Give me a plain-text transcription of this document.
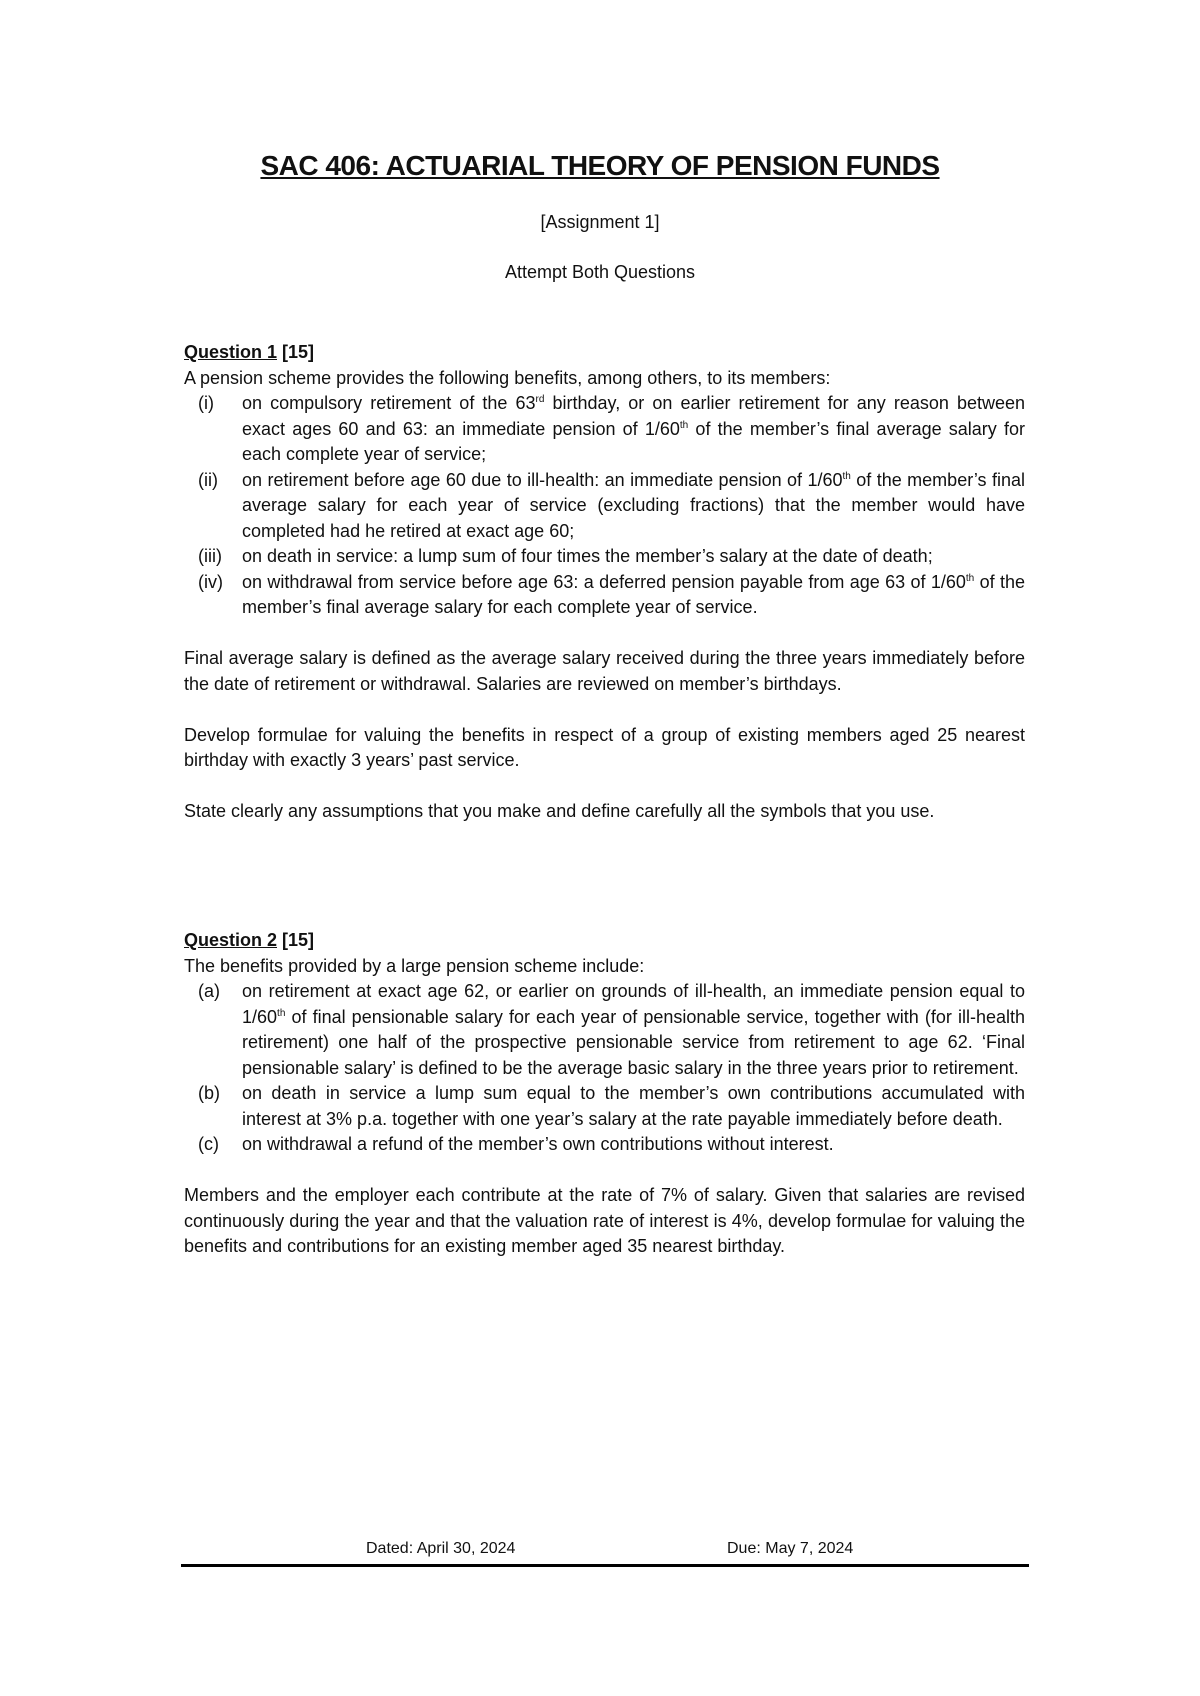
SAC 406: ACTUARIAL THEORY OF PENSION FUNDS
[Assignment 1]
Attempt Both Questions

Question 1 [15]

A pension scheme provides the following benefits, among others, to its members:

(i)	on compulsory retirement of the 63rd birthday, or on earlier retirement for any reason between exact ages 60 and 63: an immediate pension of 1/60th of the member’s final average salary for each complete year of service;
(ii)	on retirement before age 60 due to ill-health: an immediate pension of 1/60th of the member’s final average salary for each year of service (excluding fractions) that the member would have completed had he retired at exact age 60;
(iii)	on death in service: a lump sum of four times the member’s salary at the date of death;
(iv)	on withdrawal from service before age 63: a deferred pension payable from age 63 of 1/60th of the member’s final average salary for each complete year of service.

Final average salary is defined as the average salary received during the three years immediately before the date of retirement or withdrawal. Salaries are reviewed on member’s birthdays.

Develop formulae for valuing the benefits in respect of a group of existing members aged 25 nearest birthday with exactly 3 years’ past service.

State clearly any assumptions that you make and define carefully all the symbols that you use.

Question 2 [15]

The benefits provided by a large pension scheme include:

(a)	on retirement at exact age 62, or earlier on grounds of ill-health, an immediate pension equal to 1/60th of final pensionable salary for each year of pensionable service, together with (for ill-health retirement) one half of the prospective pensionable service from retirement to age 62. ‘Final pensionable salary’ is defined to be the average basic salary in the three years prior to retirement.
(b)	on death in service a lump sum equal to the member’s own contributions accumulated with interest at 3% p.a. together with one year’s salary at the rate payable immediately before death.
(c)	on withdrawal a refund of the member’s own contributions without interest.

Members and the employer each contribute at the rate of 7% of salary. Given that salaries are revised continuously during the year and that the valuation rate of interest is 4%, develop formulae for valuing the benefits and contributions for an existing member aged 35 nearest birthday.

Dated: April 30, 2024	Due: May 7, 2024
